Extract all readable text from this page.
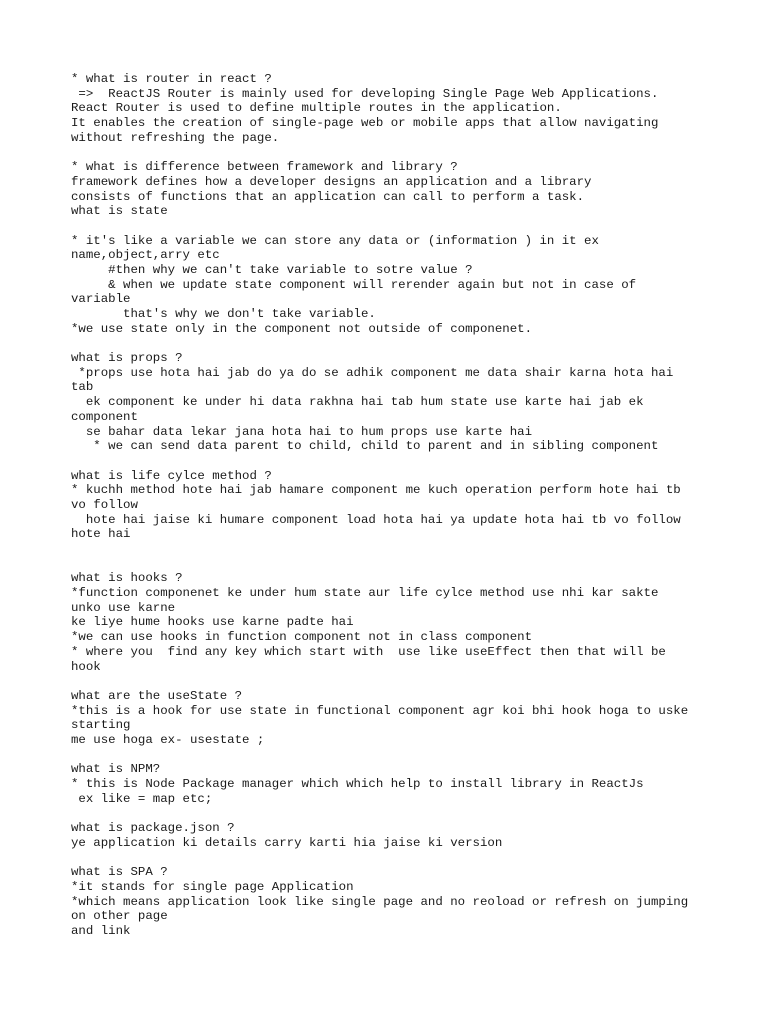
* what is router in react ?
=>  ReactJS Router is mainly used for developing Single Page Web Applications.
React Router is used to define multiple routes in the application.
It enables the creation of single-page web or mobile apps that allow navigating
without refreshing the page.
* what is difference between framework and library ?
framework defines how a developer designs an application and a library
consists of functions that an application can call to perform a task.
what is state
* it's like a variable we can store any data or (information ) in it ex
name,object,arry etc
#then why we can't take variable to sotre value ?
& when we update state component will rerender again but not in case of
variable
that's why we don't take variable.
*we use state only in the component not outside of componenet.
what is props ?
*props use hota hai jab do ya do se adhik component me data shair karna hota hai
tab
ek component ke under hi data rakhna hai tab hum state use karte hai jab ek
component
se bahar data lekar jana hota hai to hum props use karte hai
* we can send data parent to child, child to parent and in sibling component
what is life cylce method ?
* kuchh method hote hai jab hamare component me kuch operation perform hote hai tb
vo follow
hote hai jaise ki humare component load hota hai ya update hota hai tb vo follow
hote hai
what is hooks ?
*function componenet ke under hum state aur life cylce method use nhi kar sakte
unko use karne
ke liye hume hooks use karne padte hai
*we can use hooks in function component not in class component
* where you  find any key which start with  use like useEffect then that will be
hook
what are the useState ?
*this is a hook for use state in functional component agr koi bhi hook hoga to uske
starting
me use hoga ex- usestate ;
what is NPM?
* this is Node Package manager which which help to install library in ReactJs
ex like = map etc;
what is package.json ?
ye application ki details carry karti hia jaise ki version
what is SPA ?
*it stands for single page Application
*which means application look like single page and no reoload or refresh on jumping
on other page
and link
